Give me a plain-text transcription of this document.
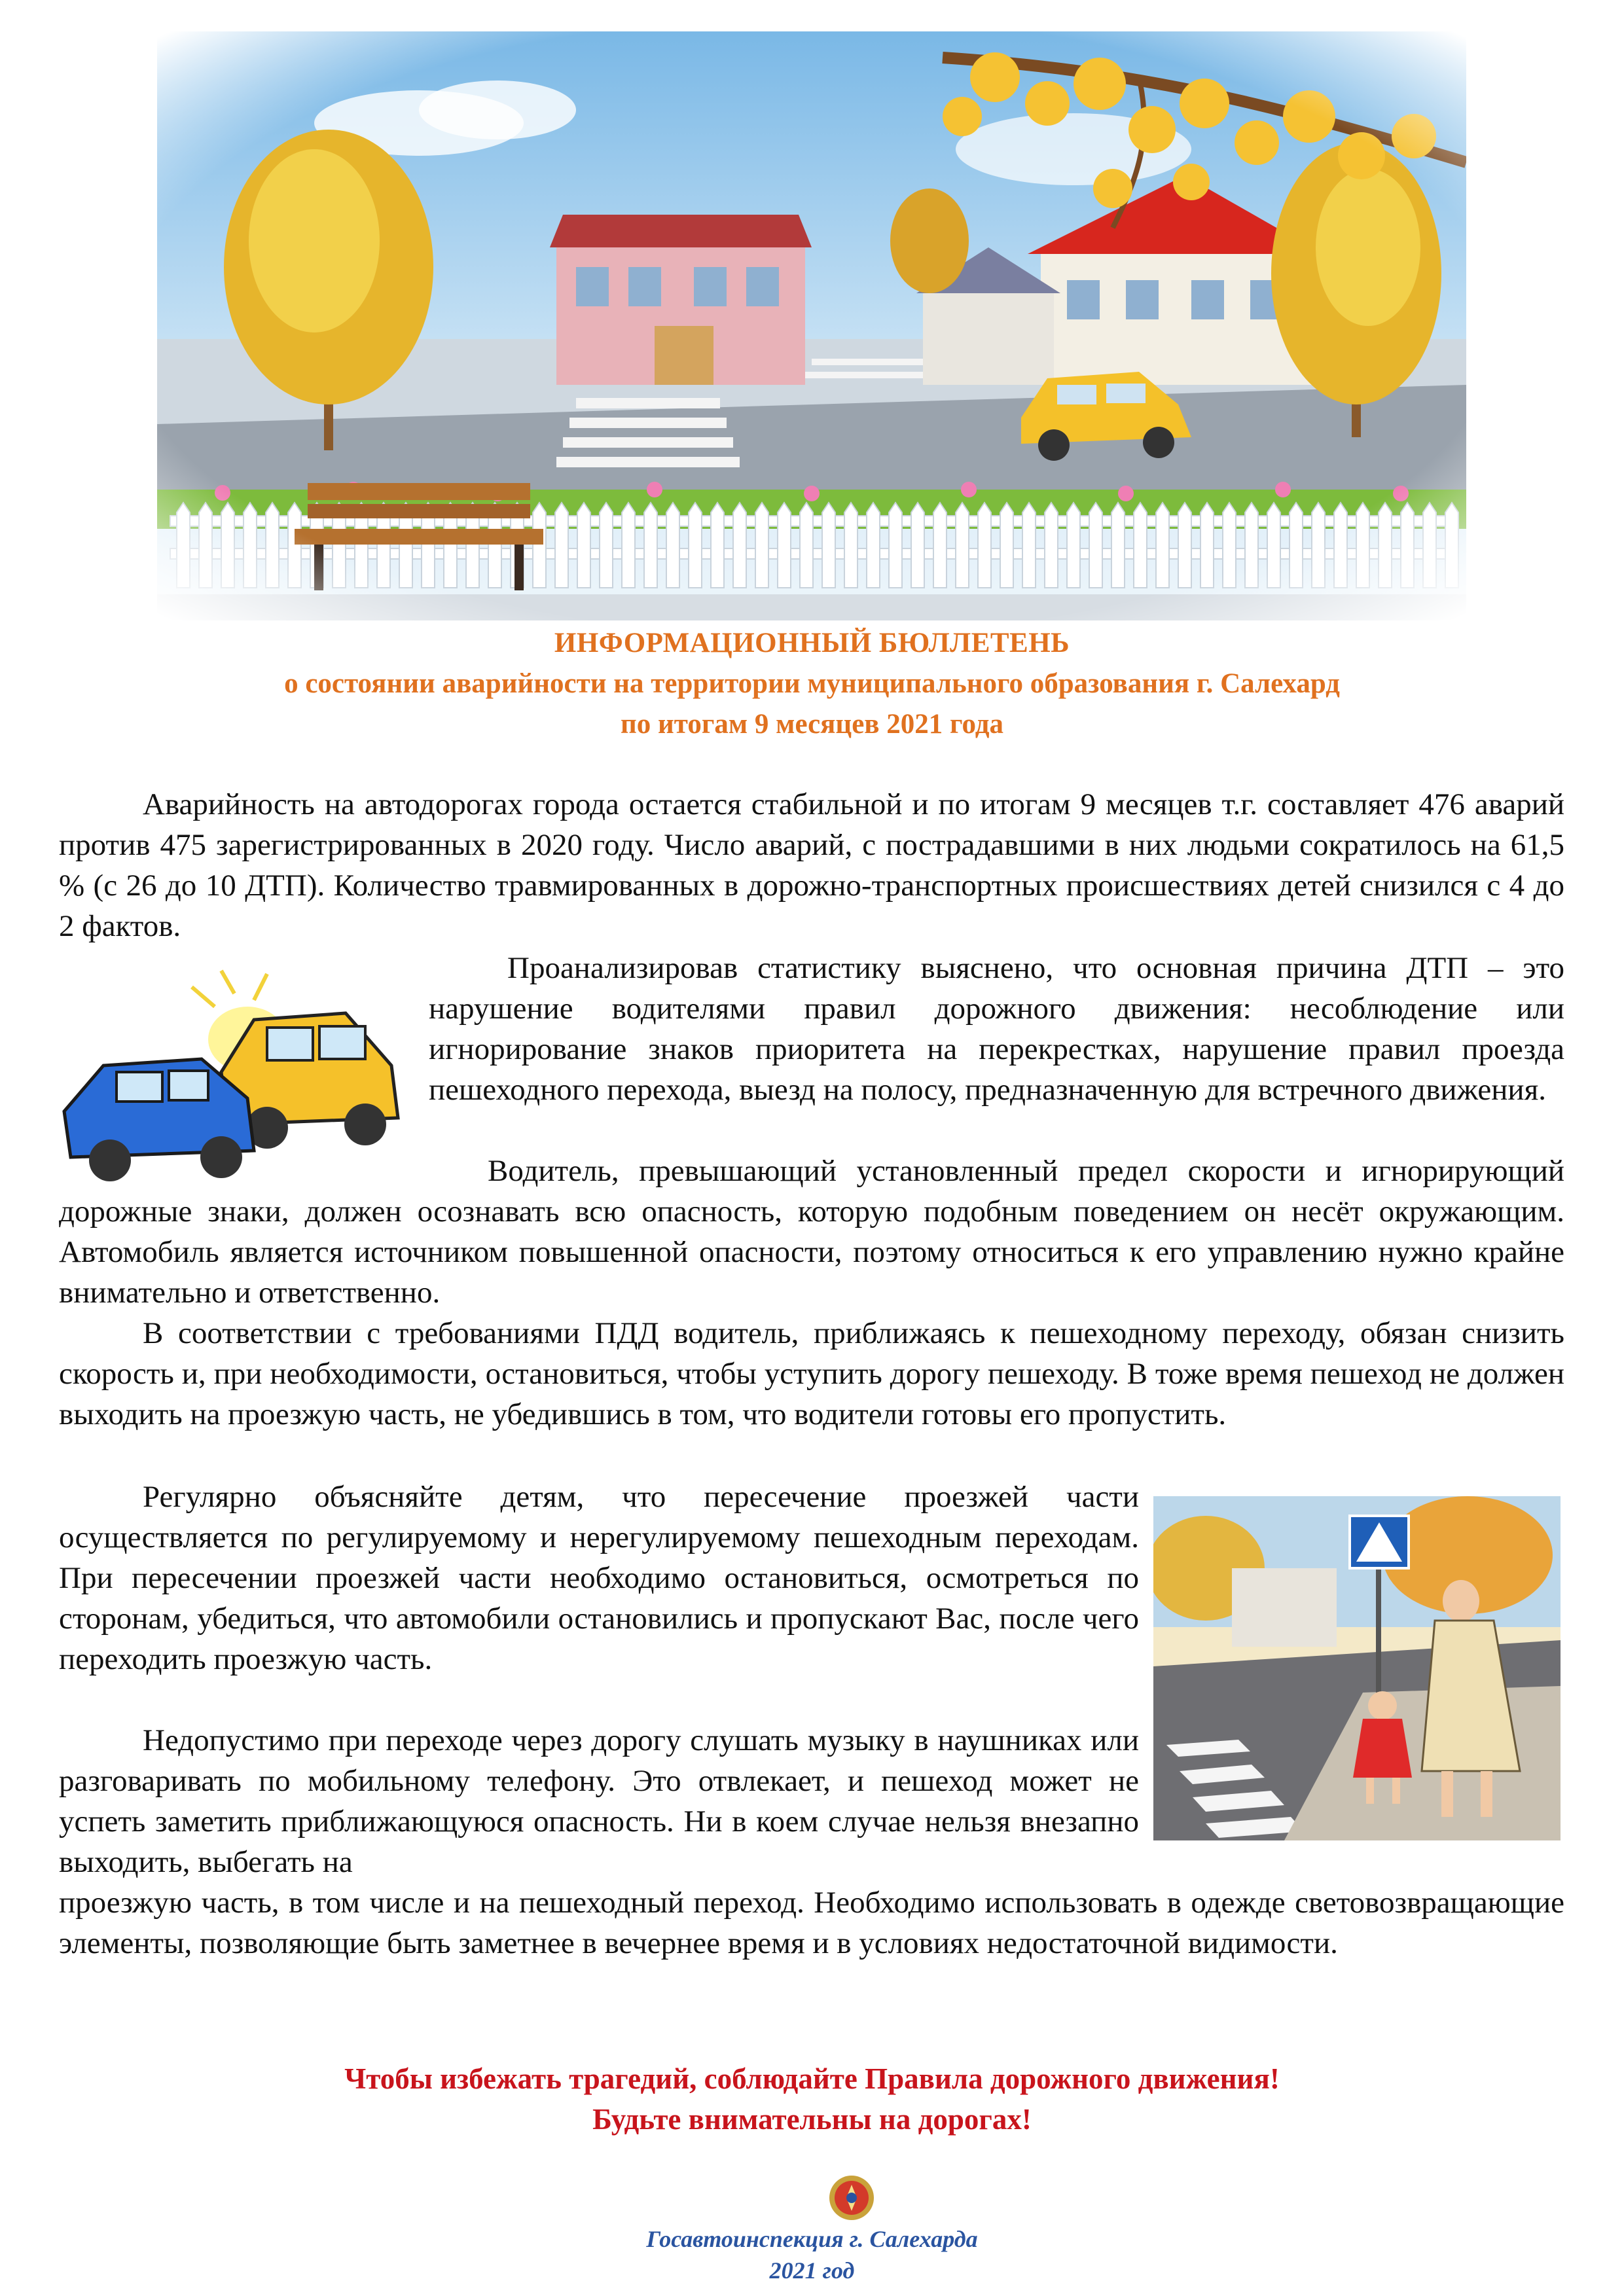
ИНФОРМАЦИОННЫЙ БЮЛЛЕТЕНЬ
о состоянии аварийности на территории муниципального образования г. Салехард
по итогам 9 месяцев 2021 года

Аварийность на автодорогах города остается стабильной и по итогам 9 месяцев т.г. составляет 476 аварий против 475 зарегистрированных в 2020 году. Число аварий, с пострадавшими в них людьми сократилось на 61,5 % (с 26 до 10 ДТП). Количество травмированных в дорожно-транспортных происшествиях детей снизился с 4 до 2 фактов.

Проанализировав статистику выяснено, что основная причина ДТП – это нарушение водителями правил дорожного движения: несоблюдение или игнорирование знаков приоритета на перекрестках, нарушение правил проезда пешеходного перехода, выезд на полосу, предназначенную для встречного движения.

Водитель, превышающий установленный предел скорости и игнорирующий дорожные знаки, должен осознавать всю опасность, которую подобным поведением он несёт окружающим. Автомобиль является источником повышенной опасности, поэтому относиться к его управлению нужно крайне внимательно и ответственно.

В соответствии с требованиями ПДД водитель, приближаясь к пешеходному переходу, обязан снизить скорость и, при необходимости, остановиться, чтобы уступить дорогу пешеходу. В тоже время пешеход не должен выходить на проезжую часть, не убедившись в том, что водители готовы его пропустить.

Регулярно объясняйте детям, что пересечение проезжей части осуществляется по регулируемому и нерегулируемому пешеходным переходам. При пересечении проезжей части необходимо остановиться, осмотреться по сторонам, убедиться, что автомобили остановились и пропускают Вас, после чего переходить проезжую часть.

Недопустимо при переходе через дорогу слушать музыку в наушниках или разговаривать по мобильному телефону. Это отвлекает, и пешеход может не успеть заметить приближающуюся опасность. Ни в коем случае нельзя внезапно выходить, выбегать на

проезжую часть, в том числе и на пешеходный переход. Необходимо использовать в одежде световозвращающие элементы, позволяющие быть заметнее в вечернее время и в условиях недостаточной видимости.

Чтобы избежать трагедий, соблюдайте Правила дорожного движения!
Будьте внимательны на дорогах!
Госавтоинспекция г. Салехарда
2021 год
